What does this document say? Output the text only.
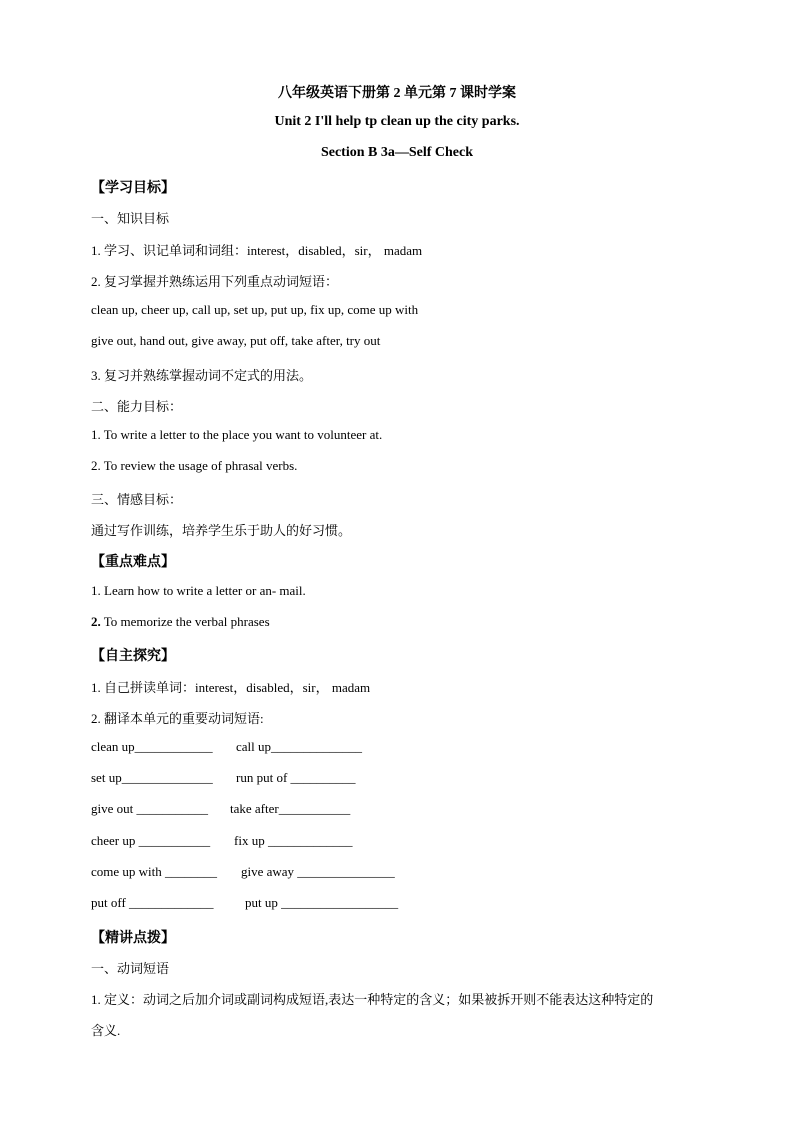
八年级英语下册第 2 单元第 7 课时学案
Unit 2 I'll help tp clean up the city parks.
Section B 3a—Self Check
【学习目标】
一、知识目标
1. 学习、识记单词和词组：interest，disabled，sir， madam
2. 复习掌握并熟练运用下列重点动词短语：
clean up, cheer up, call up, set up, put up, fix up, come up with
give out, hand out, give away, put off, take after, try out
3. 复习并熟练掌握动词不定式的用法。
二、能力目标：
1. To write a letter to the place you want to volunteer at.
2. To review the usage of phrasal verbs.
三、情感目标：
通过写作训练，培养学生乐于助人的好习惯。
【重点难点】
1. Learn how to write a letter or an- mail.
2. To memorize the verbal phrases
【自主探究】
1. 自己拼读单词：interest，disabled，sir， madam
2. 翻译本单元的重要动词短语:
clean up____________ call up______________
set up______________ run put of __________
give out ___________ take after___________
cheer up ___________ fix up _____________
come up with ________ give away _______________
put off _____________ put up __________________
【精讲点拨】
一、动词短语
1. 定义：动词之后加介词或副词构成短语,表达一种特定的含义；如果被拆开则不能表达这种特定的
含义.
